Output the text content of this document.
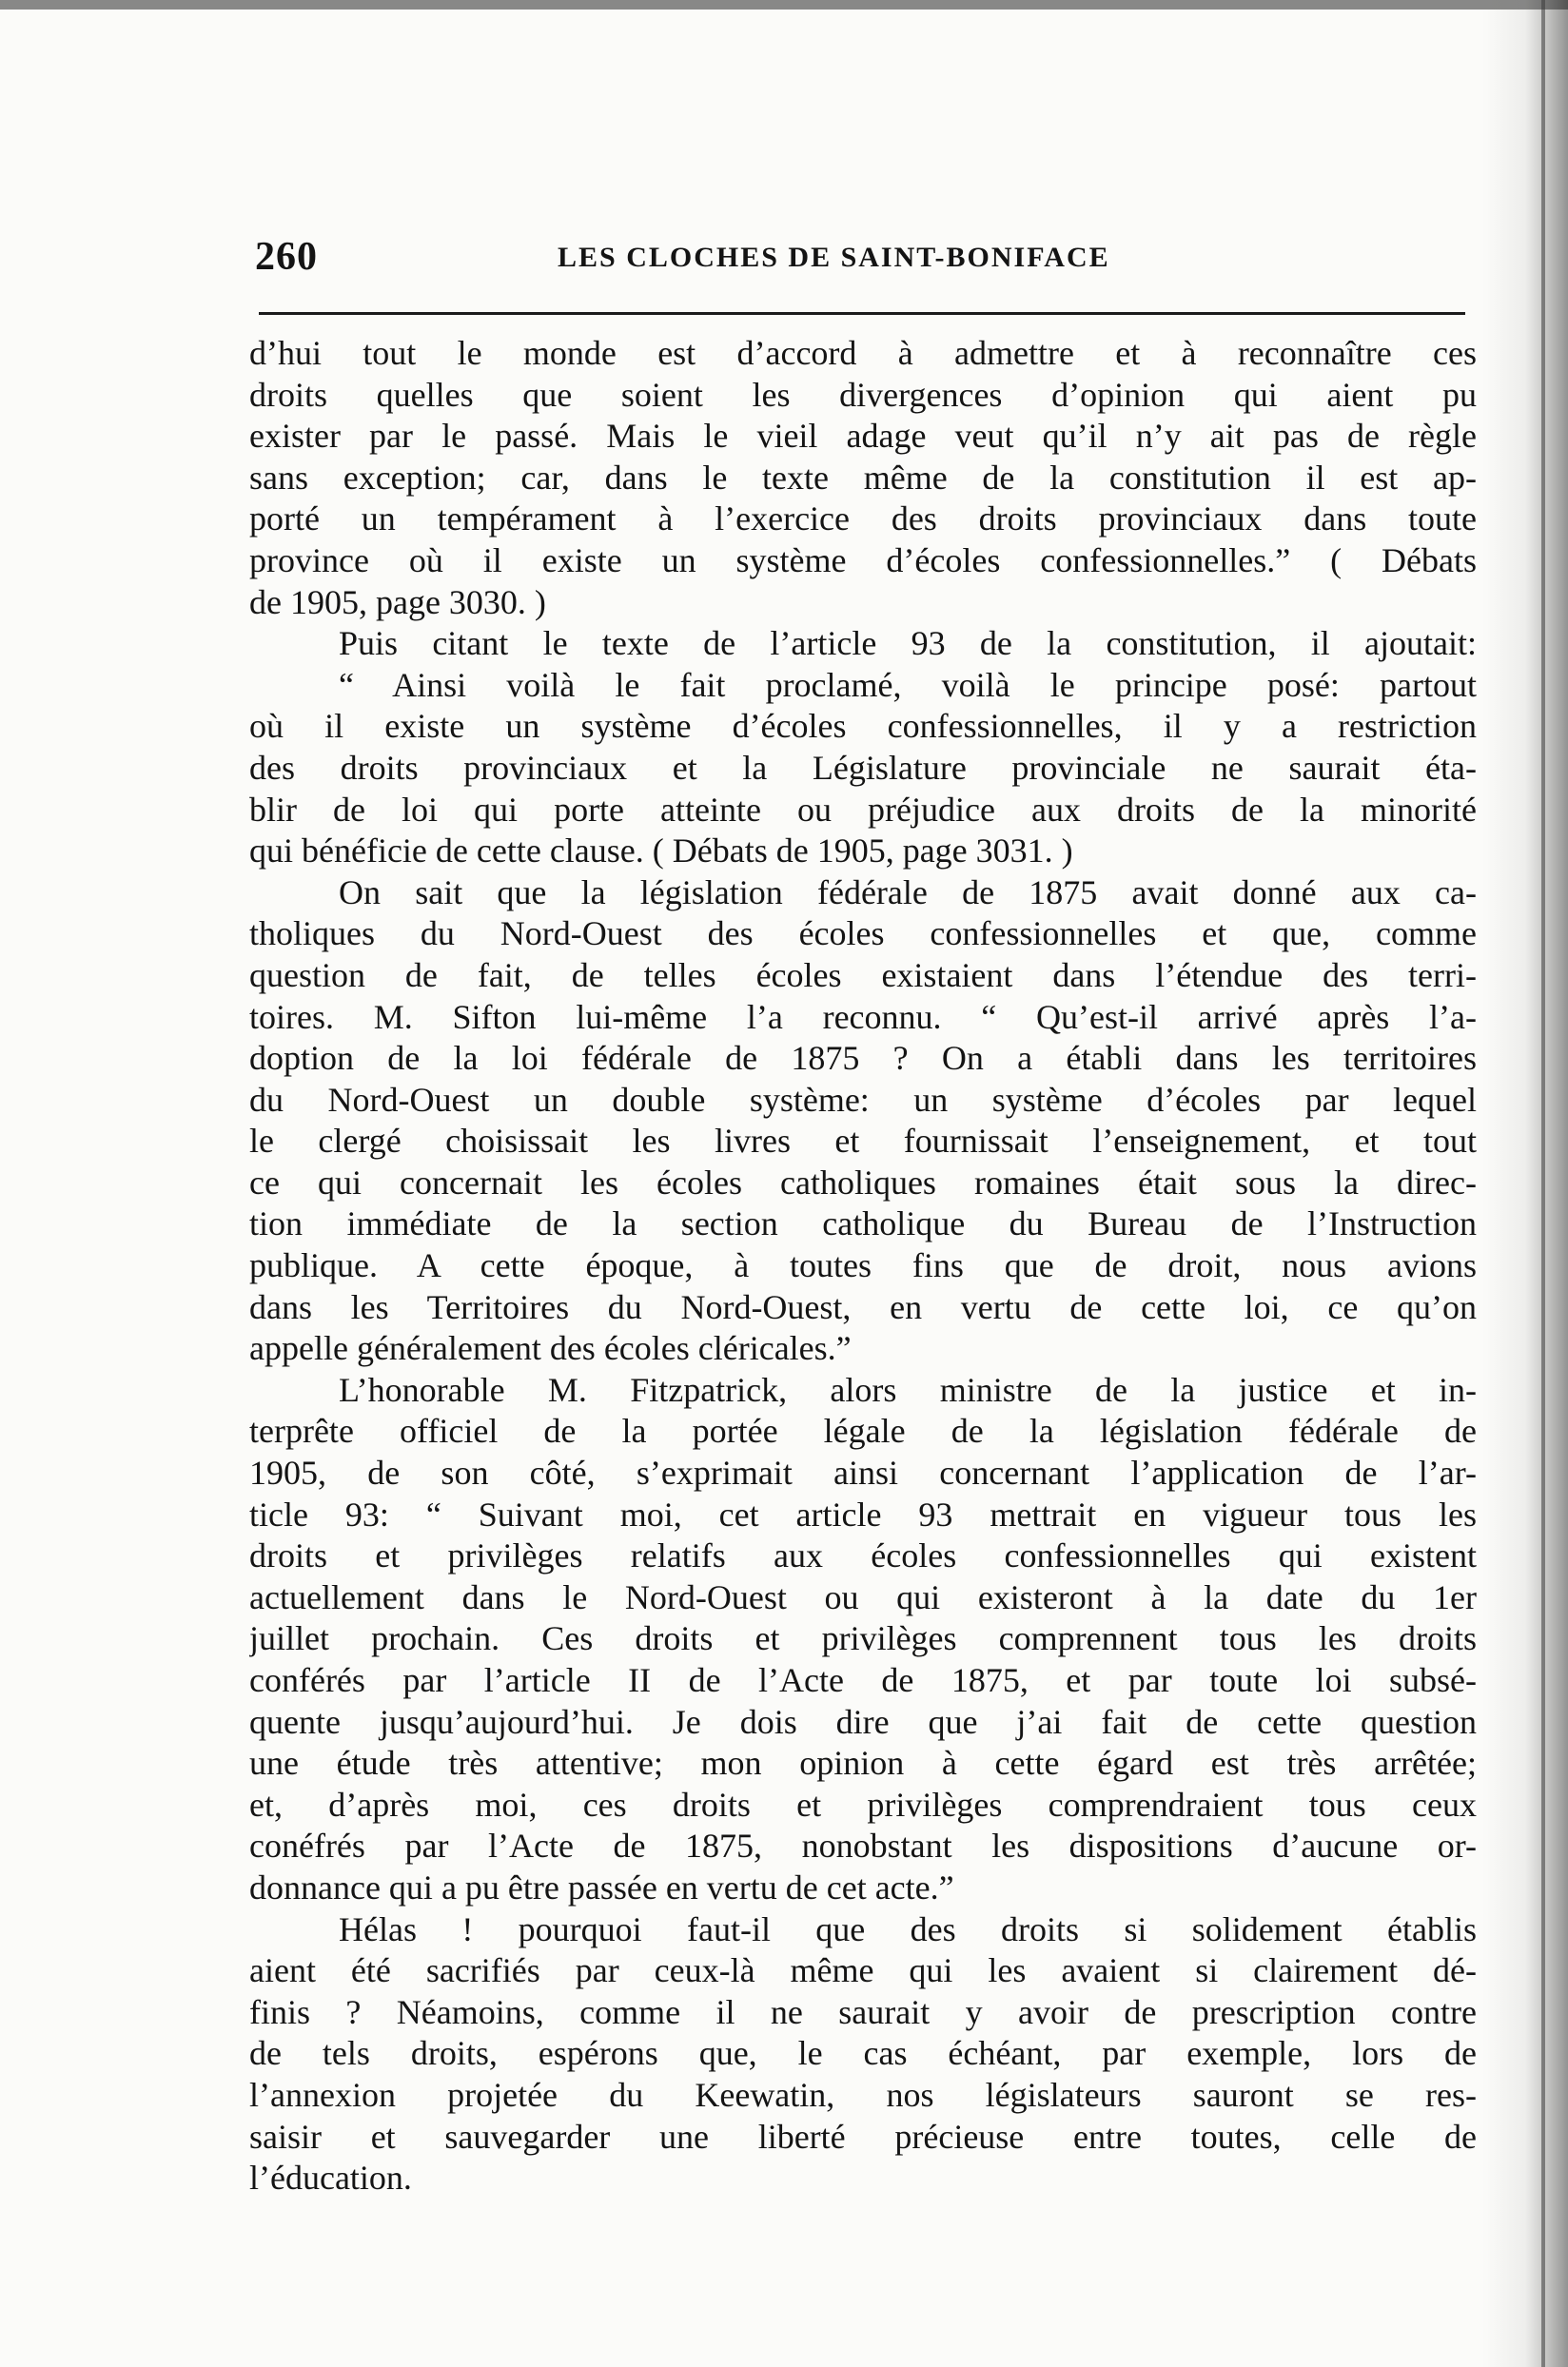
260	LES CLOCHES DE SAINT-BONIFACE
d’hui tout le monde est d’accord à admettre et à reconnaître ces
droits quelles que soient les divergences d’opinion qui aient pu
exister par le passé. Mais le vieil adage veut qu’il n’y ait pas de règle
sans exception; car, dans le texte même de la constitution il est ap-
porté un tempérament à l’exercice des droits provinciaux dans toute
province où il existe un système d’écoles confessionnelles.” ( Débats
de 1905, page 3030. )
Puis citant le texte de l’article 93 de la constitution, il ajoutait:
“ Ainsi voilà le fait proclamé, voilà le principe posé: partout
où il existe un système d’écoles confessionnelles, il y a restriction
des droits provinciaux et la Législature provinciale ne saurait éta-
blir de loi qui porte atteinte ou préjudice aux droits de la minorité
qui bénéficie de cette clause. ( Débats de 1905, page 3031. )
On sait que la législation fédérale de 1875 avait donné aux ca-
tholiques du Nord-Ouest des écoles confessionnelles et que, comme
question de fait, de telles écoles existaient dans l’étendue des terri-
toires. M. Sifton lui-même l’a reconnu. “ Qu’est-il arrivé après l’a-
doption de la loi fédérale de 1875 ? On a établi dans les territoires
du Nord-Ouest un double système: un système d’écoles par lequel
le clergé choisissait les livres et fournissait l’enseignement, et tout
ce qui concernait les écoles catholiques romaines était sous la direc-
tion immédiate de la section catholique du Bureau de l’Instruction
publique. A cette époque, à toutes fins que de droit, nous avions
dans les Territoires du Nord-Ouest, en vertu de cette loi, ce qu’on
appelle généralement des écoles cléricales.”
L’honorable M. Fitzpatrick, alors ministre de la justice et in-
terprête officiel de la portée légale de la législation fédérale de
1905, de son côté, s’exprimait ainsi concernant l’application de l’ar-
ticle 93: “ Suivant moi, cet article 93 mettrait en vigueur tous les
droits et privilèges relatifs aux écoles confessionnelles qui existent
actuellement dans le Nord-Ouest ou qui existeront à la date du 1er
juillet prochain. Ces droits et privilèges comprennent tous les droits
conférés par l’article II de l’Acte de 1875, et par toute loi subsé-
quente jusqu’aujourd’hui. Je dois dire que j’ai fait de cette question
une étude très attentive; mon opinion à cette égard est très arrêtée;
et, d’après moi, ces droits et privilèges comprendraient tous ceux
conéfrés par l’Acte de 1875, nonobstant les dispositions d’aucune or-
donnance qui a pu être passée en vertu de cet acte.”
Hélas ! pourquoi faut-il que des droits si solidement établis
aient été sacrifiés par ceux-là même qui les avaient si clairement dé-
finis ? Néamoins, comme il ne saurait y avoir de prescription contre
de tels droits, espérons que, le cas échéant, par exemple, lors de
l’annexion projetée du Keewatin, nos législateurs sauront se res-
saisir et sauvegarder une liberté précieuse entre toutes, celle de
l’éducation.
